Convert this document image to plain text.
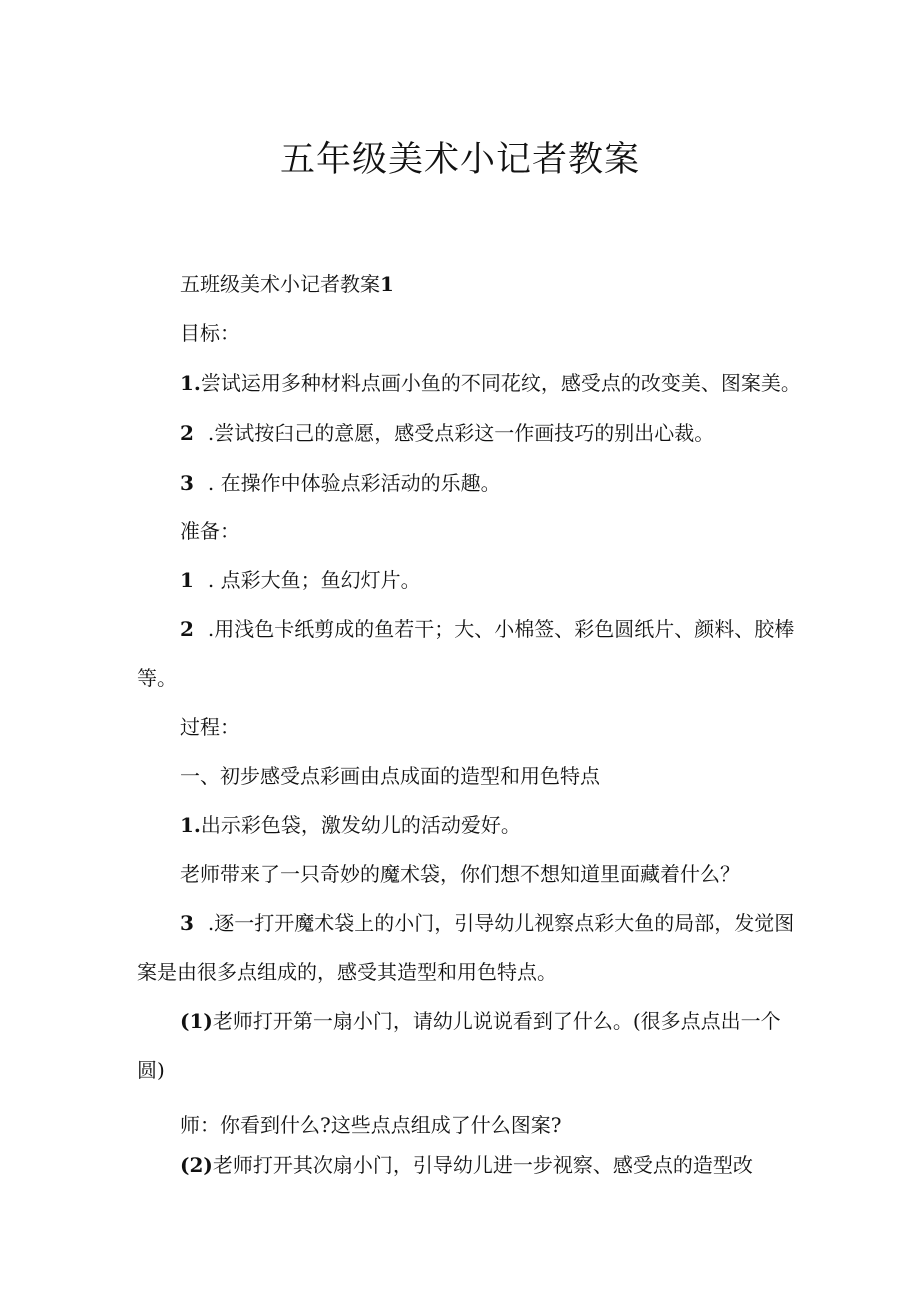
五年级美术小记者教案

五班级美术小记者教案1

目标：

1.尝试运用多种材料点画小鱼的不同花纹，感受点的改变美、图案美。

2 .尝试按臼己的意愿，感受点彩这一作画技巧的别出心裁。

3 . 在操作中体验点彩活动的乐趣。

准备：

1 . 点彩大鱼；鱼幻灯片。

2 .用浅色卡纸剪成的鱼若干；大、小棉签、彩色圆纸片、颜料、胶棒

等。

过程：

一、初步感受点彩画由点成面的造型和用色特点

1.出示彩色袋，激发幼儿的活动爱好。

老师带来了一只奇妙的魔术袋，你们想不想知道里面藏着什么？

3 .逐一打开魔术袋上的小门，引导幼儿视察点彩大鱼的局部，发觉图

案是由很多点组成的，感受其造型和用色特点。

(1)老师打开第一扇小门，请幼儿说说看到了什么。(很多点点出一个

圆)

师：你看到什么?这些点点组成了什么图案?

(2)老师打开其次扇小门，引导幼儿进一步视察、感受点的造型改
